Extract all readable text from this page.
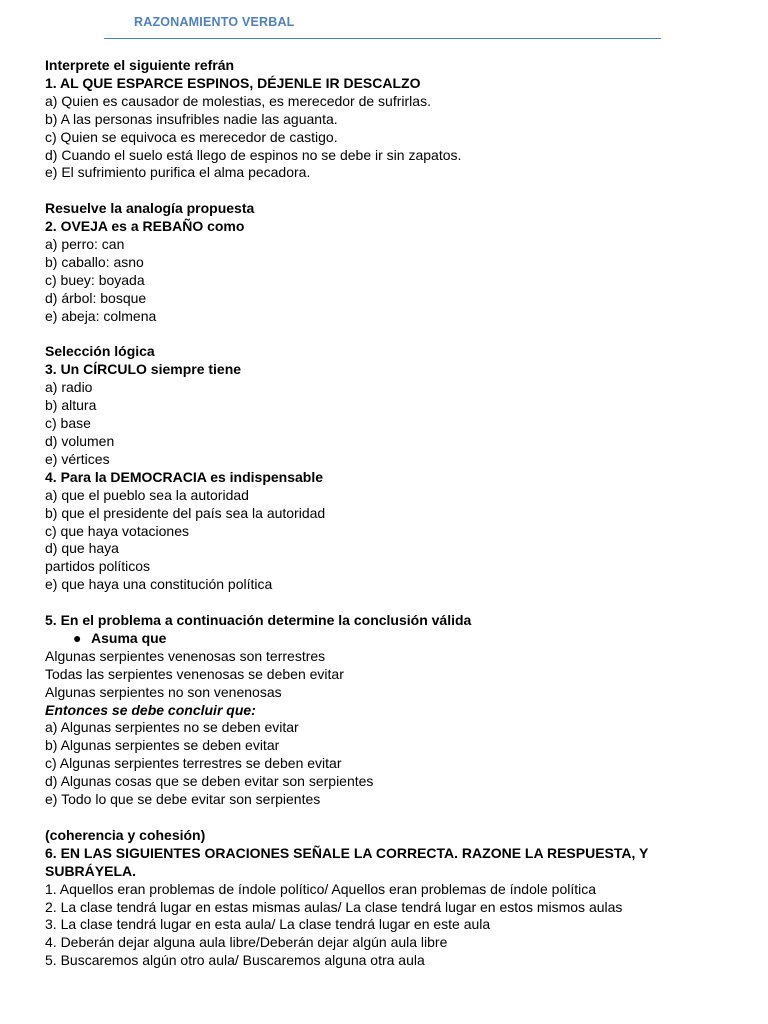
RAZONAMIENTO VERBAL
Interprete el siguiente refrán
1. AL QUE ESPARCE ESPINOS, DÉJENLE IR DESCALZO
a) Quien es causador de molestias, es merecedor de sufrirlas.
b) A las personas insufribles nadie las aguanta.
c) Quien se equivoca es merecedor de castigo.
d) Cuando el suelo está llego de espinos no se debe ir sin zapatos.
e) El sufrimiento purifica el alma pecadora.
Resuelve la analogía propuesta
2. OVEJA es a REBAÑO como
a) perro: can
b) caballo: asno
c) buey: boyada
d) árbol: bosque
e) abeja: colmena
Selección lógica
3. Un CÍRCULO siempre tiene
a) radio
b) altura
c) base
d) volumen
e) vértices
4. Para la DEMOCRACIA es indispensable
a) que el pueblo sea la autoridad
b) que el presidente del país sea la autoridad
c) que haya votaciones
d) que haya
partidos políticos
e) que haya una constitución política
5. En el problema a continuación determine la conclusión válida
● Asuma que
Algunas serpientes venenosas son terrestres
Todas las serpientes venenosas se deben evitar
Algunas serpientes no son venenosas
Entonces se debe concluir que:
a) Algunas serpientes no se deben evitar
b) Algunas serpientes se deben evitar
c) Algunas serpientes terrestres se deben evitar
d) Algunas cosas que se deben evitar son serpientes
e) Todo lo que se debe evitar son serpientes
(coherencia y cohesión)
6. EN LAS SIGUIENTES ORACIONES SEÑALE LA CORRECTA. RAZONE LA RESPUESTA, Y SUBRÁYELA.
1. Aquellos eran problemas de índole político/ Aquellos eran problemas de índole política
2. La clase tendrá lugar en estas mismas aulas/ La clase tendrá lugar en estos mismos aulas
3. La clase tendrá lugar en esta aula/ La clase tendrá lugar en este aula
4. Deberán dejar alguna aula libre/Deberán dejar algún aula libre
5. Buscaremos algún otro aula/ Buscaremos alguna otra aula
